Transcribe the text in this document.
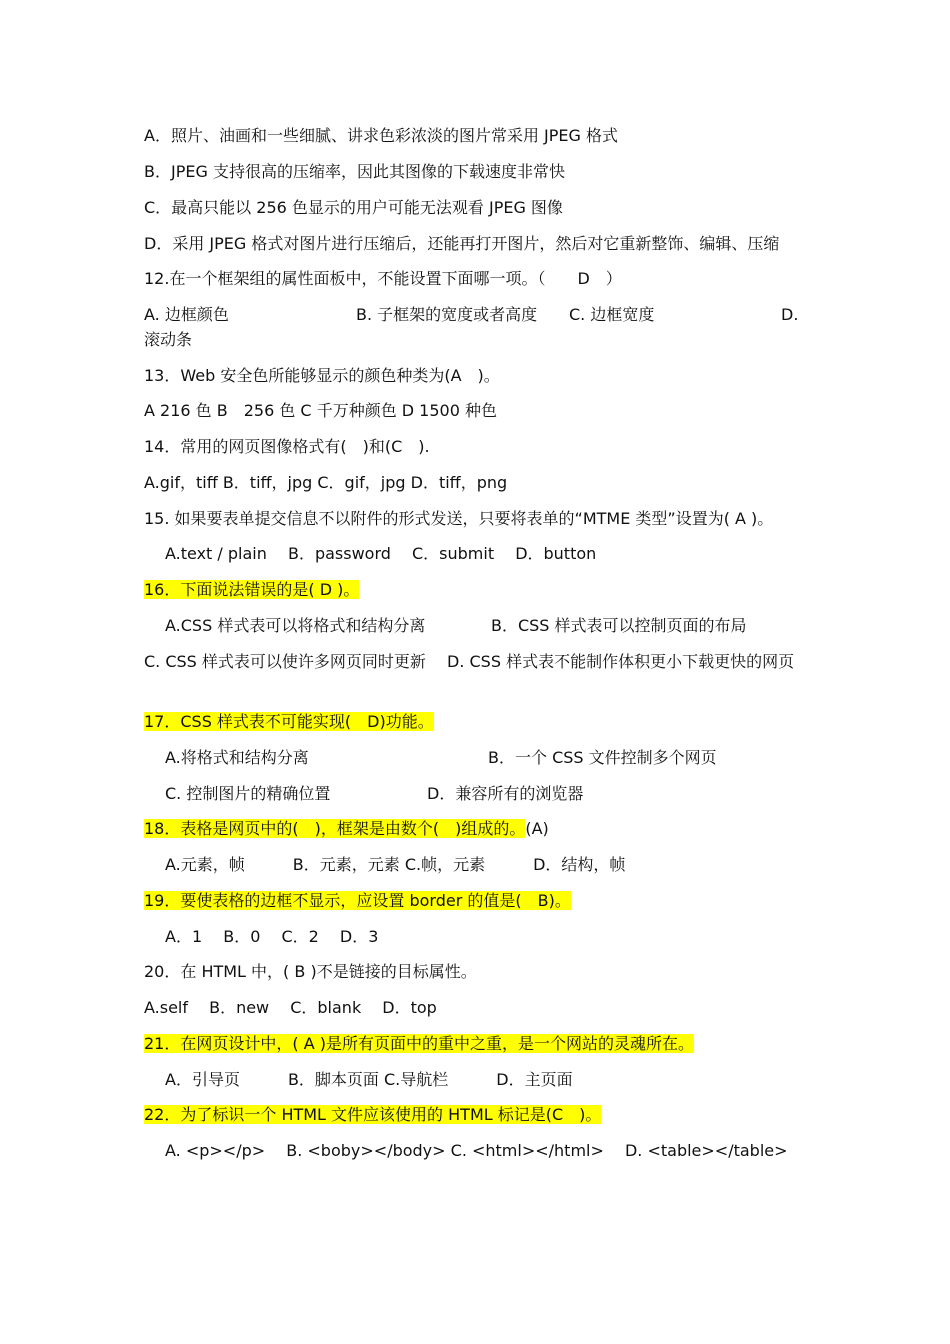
A．照片、油画和一些细腻、讲求色彩浓淡的图片常采用 JPEG 格式
B．JPEG 支持很高的压缩率，因此其图像的下载速度非常快
C．最高只能以 256 色显示的用户可能无法观看 JPEG 图像
D．采用 JPEG 格式对图片进行压缩后，还能再打开图片，然后对它重新整饰、编辑、压缩
12.在一个框架组的属性面板中，不能设置下面哪一项。（　　D　）
A. 边框颜色	B. 子框架的宽度或者高度 C. 边框宽度	D.
滚动条
13．Web 安全色所能够显示的颜色种类为(A　)。
A 216 色 B　256 色 C 千万种颜色 D 1500 种色
14．常用的网页图像格式有(　)和(C　).
A.gif，tiff B．tiff，jpg C．gif，jpg D．tiff，png
15. 如果要表单提交信息不以附件的形式发送，只要将表单的“MTME 类型”设置为( A )。
A.text / plain　 B．password　 C．submit　 D．button
16．下面说法错误的是( D )。
A.CSS 样式表可以将格式和结构分离	B．CSS 样式表可以控制页面的布局
C. CSS 样式表可以使许多网页同时更新　 D. CSS 样式表不能制作体积更小下载更快的网页
17．CSS 样式表不可能实现(　D)功能。
A.将格式和结构分离	B．一个 CSS 文件控制多个网页
C. 控制图片的精确位置	D．兼容所有的浏览器
18．表格是网页中的(　)，框架是由数个(　)组成的。(A)
A.元素，帧　　　B．元素，元素 C.帧，元素　　　D．结构，帧
19．要使表格的边框不显示，应设置 border 的值是(　B)。
A．1　 B．0　 C．2　 D．3
20．在 HTML 中，( B )不是链接的目标属性。
A.self　 B．new　 C．blank　 D．top
21．在网页设计中，( A )是所有页面中的重中之重，是一个网站的灵魂所在。
A．引导页　　　B．脚本页面 C.导航栏　　　D．主页面
22．为了标识一个 HTML 文件应该使用的 HTML 标记是(C　)。
A. <p></p>　 B. <boby></body> C. <html></html>　 D. <table></table>
